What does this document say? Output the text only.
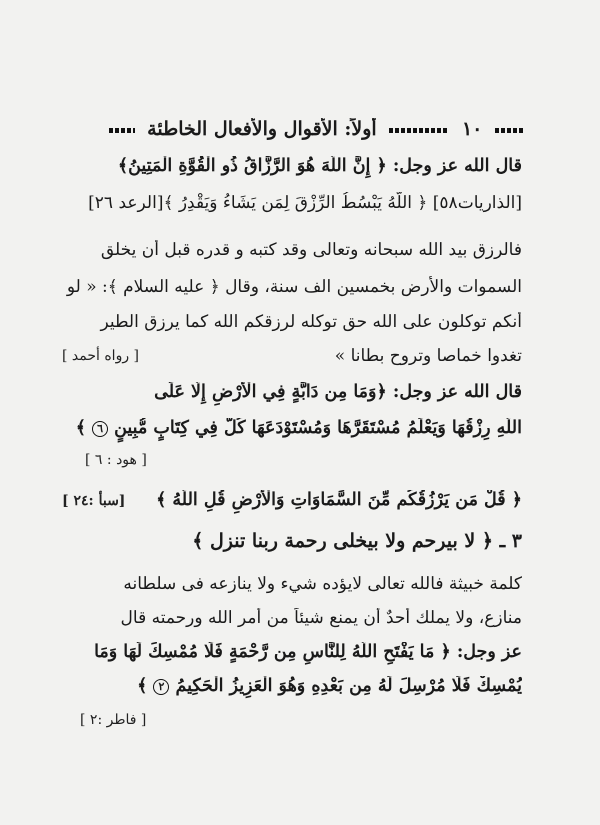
١٠  أولاً: الأقوال والأفعال الخاطئة
قال الله عز وجل: ﴿ إِنَّ اللَّهَ هُوَ الرَّزَّاقُ ذُو الْقُوَّةِ الْمَتِينُ﴾
[الذاريات٥٨] ﴿ اللَّهُ يَبْسُطُ الرِّزْقَ لِمَن يَشَاءُ وَيَقْدِرُ ﴾[الرعد ٢٦]
فالرزق بيد الله سبحانه وتعالى وقد كتبه و قدره قبل أن يخلق
السموات والأرض بخمسين الف سنة، وقال ﴿ عليه السلام ﴾: « لو
أنكم توكلون على الله حق توكله لرزقكم الله كما يرزق الطير
تغدوا خماصا وتروح بطانا »
[ رواه أحمد ]
قال الله عز وجل: ﴿وَمَا مِن دَابَّةٍ فِي الْأَرْضِ إِلَّا عَلَى
اللَّهِ رِزْقُهَا وَيَعْلَمُ مُسْتَقَرَّهَا وَمُسْتَوْدَعَهَا كُلٌّ فِي كِتَابٍ مُّبِينٍ ٦ ﴾
[ هود : ٦ ]
﴿ قُلْ مَن يَرْزُقُكُم مِّنَ السَّمَاوَاتِ وَالْأَرْضِ قُلِ اللَّهُ ﴾
[سبأ :٢٤ ]
٣ ـ ﴿ لا بيرحم ولا بيخلى رحمة ربنا تنزل ﴾
كلمة خبيثة فالله تعالى لايؤده شيء ولا ينازعه فى سلطانه
منازع، ولا يملك أحدٌ أن يمنع شيئاً من أمر الله ورحمته قال
عز وجل: ﴿ مَا يَفْتَحِ اللَّهُ لِلنَّاسِ مِن رَّحْمَةٍ فَلَا مُمْسِكَ لَهَا وَمَا
يُمْسِكْ فَلَا مُرْسِلَ لَهُ مِن بَعْدِهِ وَهُوَ الْعَزِيزُ الْحَكِيمُ ٢ ﴾
[ فاطر :٢ ]
